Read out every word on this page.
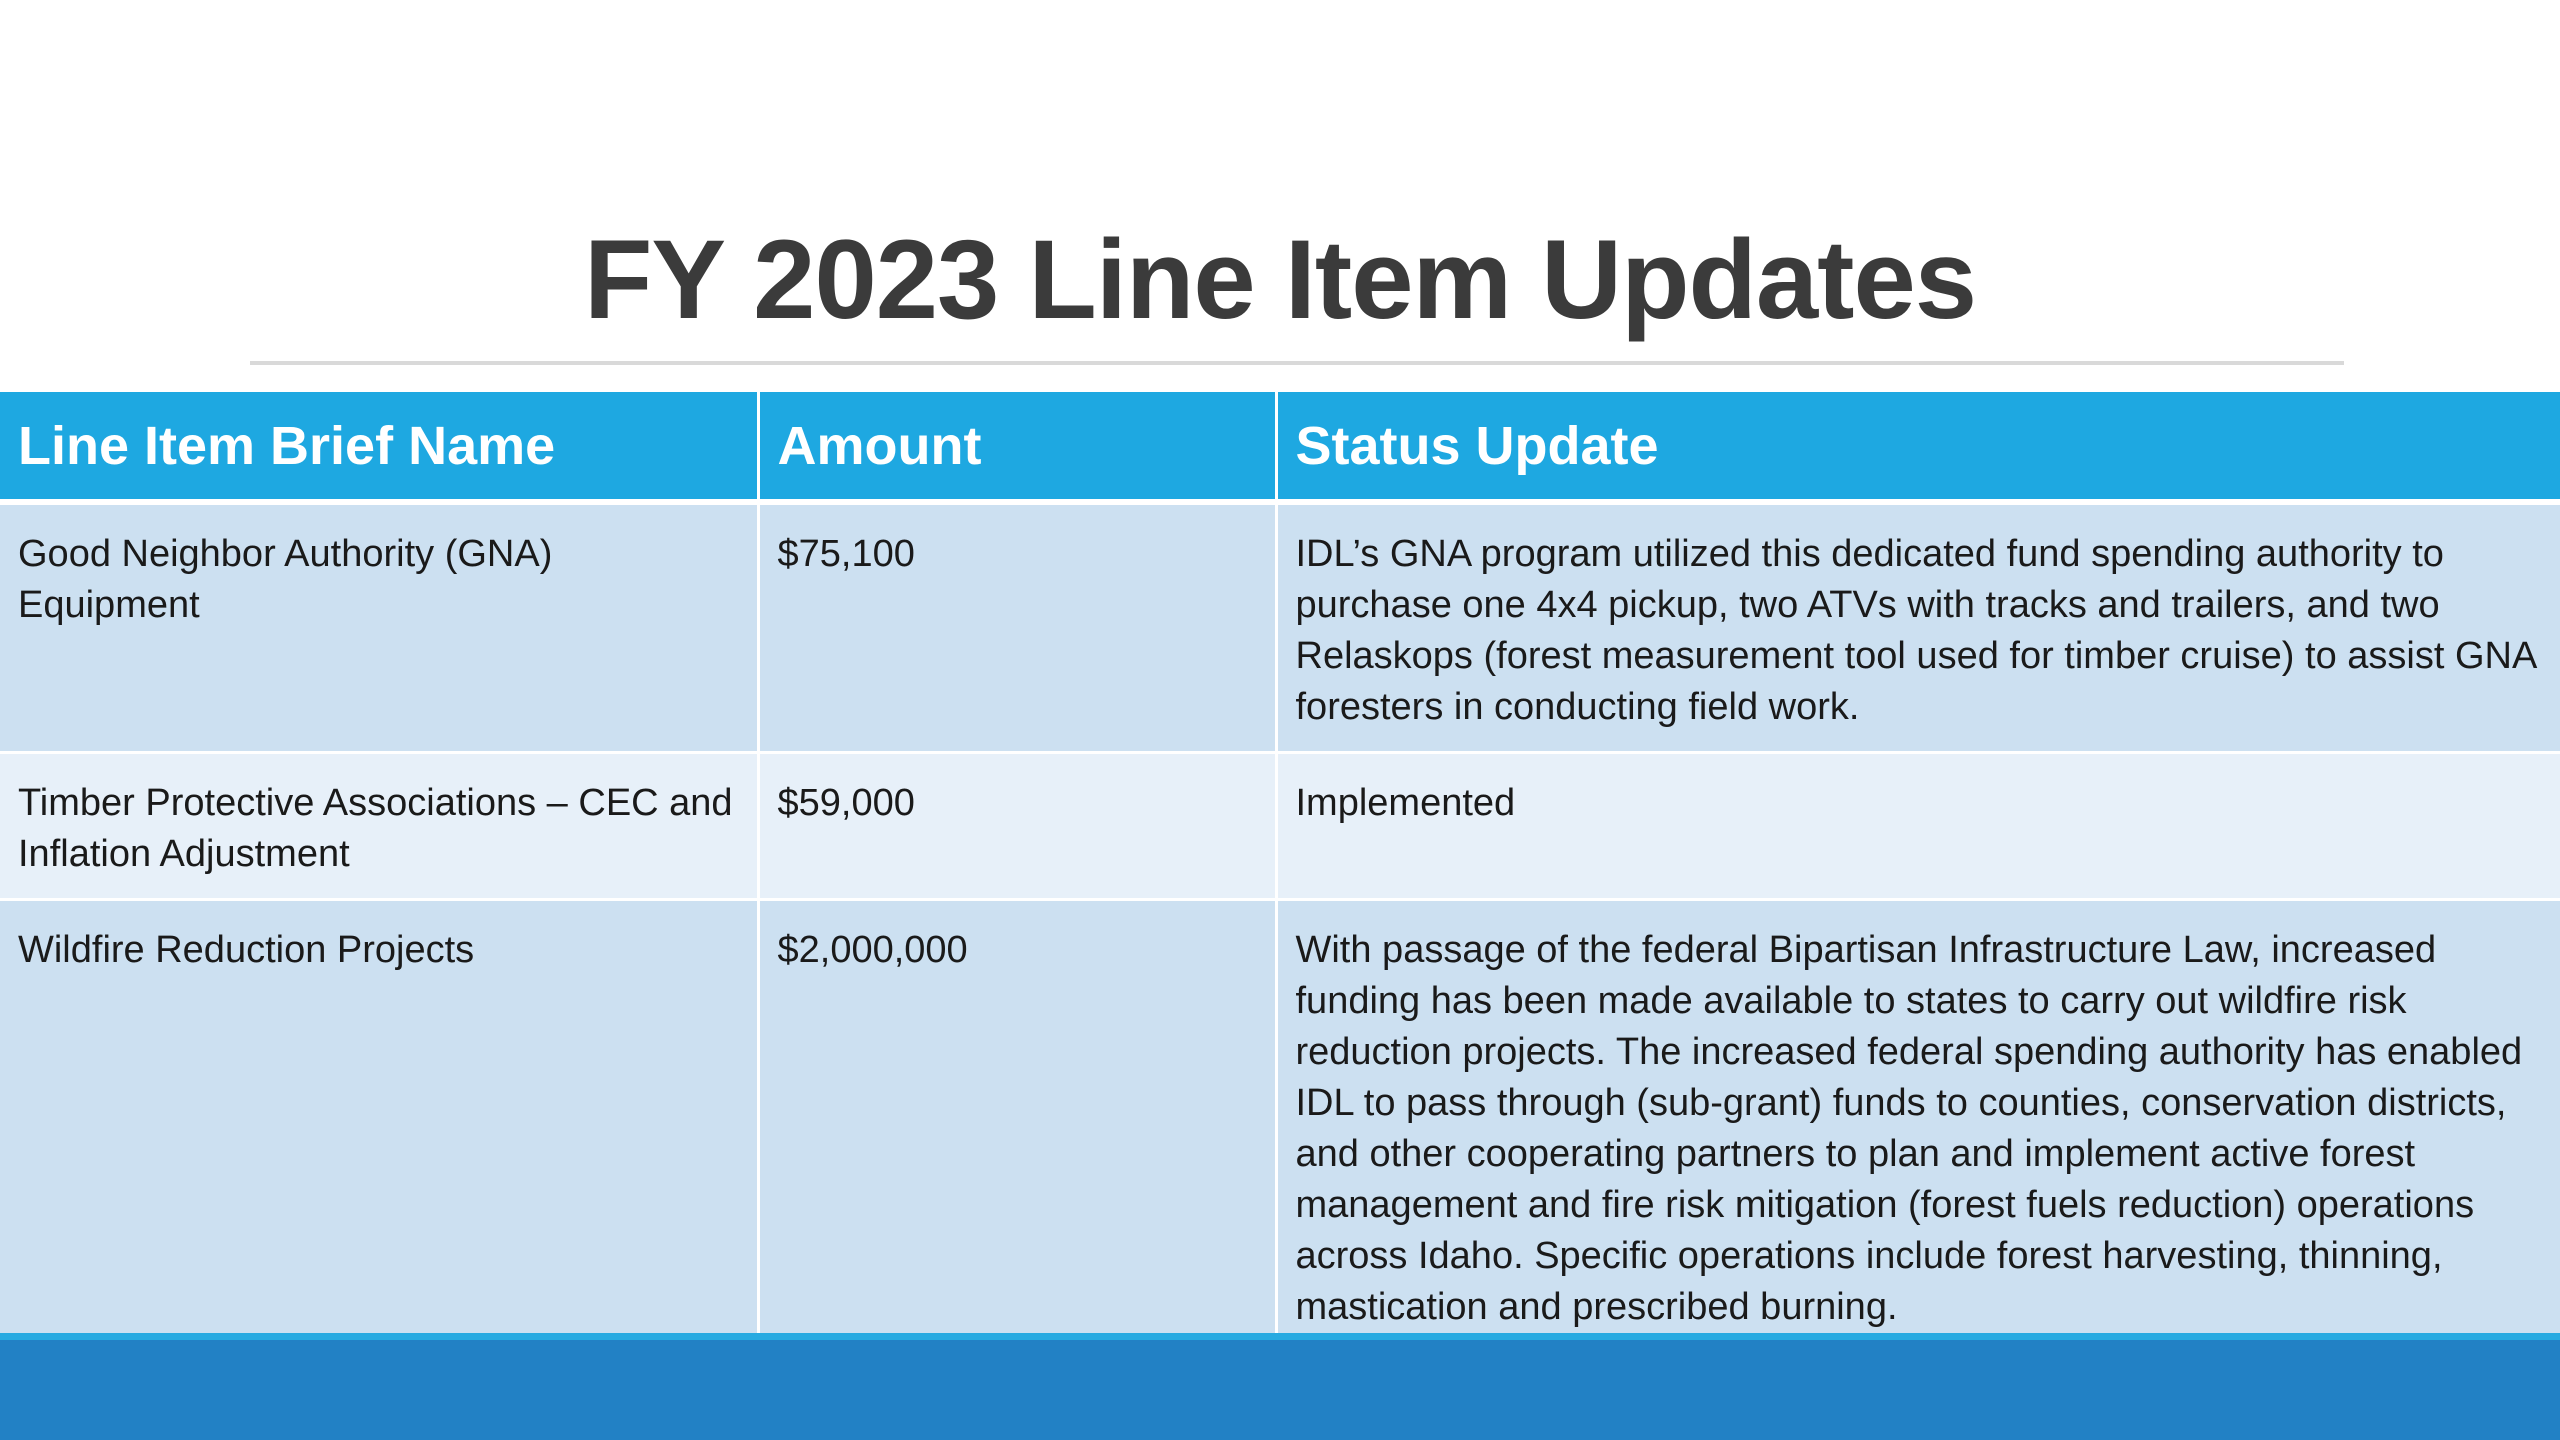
FY 2023 Line Item Updates
Line Item Brief Name	Amount	Status Update
Good Neighbor Authority (GNA) Equipment	$75,100	IDL’s GNA program utilized this dedicated fund spending authority to purchase one 4x4 pickup, two ATVs with tracks and trailers, and two Relaskops (forest measurement tool used for timber cruise) to assist GNA foresters in conducting field work.
Timber Protective Associations – CEC and Inflation Adjustment	$59,000	Implemented
Wildfire Reduction Projects	$2,000,000	With passage of the federal Bipartisan Infrastructure Law, increased funding has been made available to states to carry out wildfire risk reduction projects. The increased federal spending authority has enabled IDL to pass through (sub-grant) funds to counties, conservation districts, and other cooperating partners to plan and implement active forest management and fire risk mitigation (forest fuels reduction) operations across Idaho. Specific operations include forest harvesting, thinning, mastication and prescribed burning.
